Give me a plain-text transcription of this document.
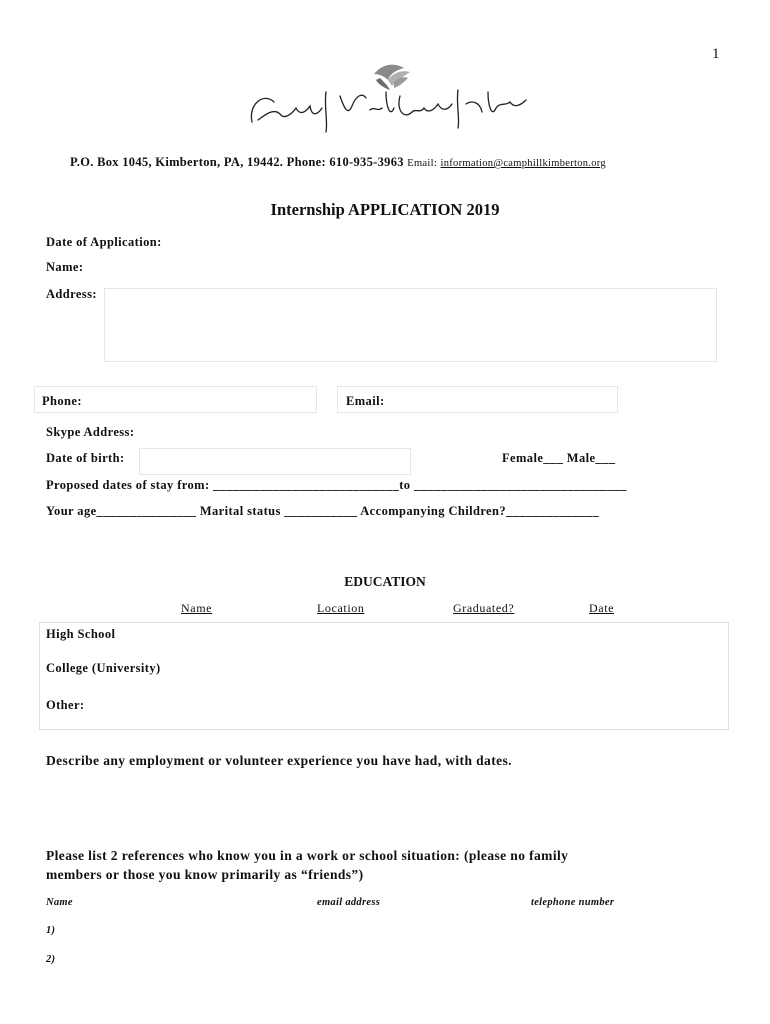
1
P.O. Box 1045, Kimberton, PA, 19442. Phone: 610-935-3963 Email: information@camphillkimberton.org
Internship APPLICATION 2019
Date of Application:
Name:
Address:
Phone:	Email:
Skype Address:
Date of birth:	Female___ Male___
Proposed dates of stay from: ____________________________to ________________________________
Your age_______________ Marital status ___________ Accompanying Children?______________
EDUCATION
Name	Location	Graduated?	Date
High School
College (University)
Other:
Describe any employment or volunteer experience you have had, with dates.
Please list 2 references who know you in a work or school situation: (please no family
members or those you know primarily as “friends”)
Name	email address	telephone number
1)
2)
